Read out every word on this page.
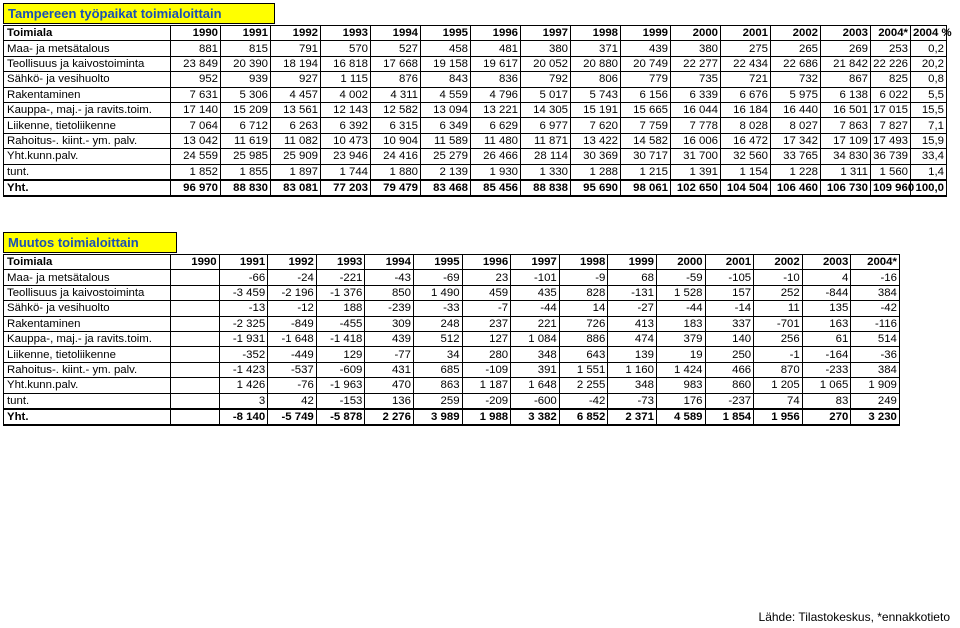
Tampereen työpaikat toimialoittain
Toimiala	1990	1991	1992	1993	1994	1995	1996	1997	1998	1999	2000	2001	2002	2003	2004*	2004 %
Maa- ja metsätalous	881	815	791	570	527	458	481	380	371	439	380	275	265	269	253	0,2
Teollisuus ja kaivostoiminta	23 849	20 390	18 194	16 818	17 668	19 158	19 617	20 052	20 880	20 749	22 277	22 434	22 686	21 842	22 226	20,2
Sähkö- ja vesihuolto	952	939	927	1 115	876	843	836	792	806	779	735	721	732	867	825	0,8
Rakentaminen	7 631	5 306	4 457	4 002	4 311	4 559	4 796	5 017	5 743	6 156	6 339	6 676	5 975	6 138	6 022	5,5
Kauppa-, maj.- ja ravits.toim.	17 140	15 209	13 561	12 143	12 582	13 094	13 221	14 305	15 191	15 665	16 044	16 184	16 440	16 501	17 015	15,5
Liikenne, tietoliikenne	7 064	6 712	6 263	6 392	6 315	6 349	6 629	6 977	7 620	7 759	7 778	8 028	8 027	7 863	7 827	7,1
Rahoitus-. kiint.- ym. palv.	13 042	11 619	11 082	10 473	10 904	11 589	11 480	11 871	13 422	14 582	16 006	16 472	17 342	17 109	17 493	15,9
Yht.kunn.palv.	24 559	25 985	25 909	23 946	24 416	25 279	26 466	28 114	30 369	30 717	31 700	32 560	33 765	34 830	36 739	33,4
tunt.	1 852	1 855	1 897	1 744	1 880	2 139	1 930	1 330	1 288	1 215	1 391	1 154	1 228	1 311	1 560	1,4
Yht.	96 970	88 830	83 081	77 203	79 479	83 468	85 456	88 838	95 690	98 061	102 650	104 504	106 460	106 730	109 960	100,0
Muutos toimialoittain
Toimiala	1990	1991	1992	1993	1994	1995	1996	1997	1998	1999	2000	2001	2002	2003	2004*
Maa- ja metsätalous		-66	-24	-221	-43	-69	23	-101	-9	68	-59	-105	-10	4	-16
Teollisuus ja kaivostoiminta		-3 459	-2 196	-1 376	850	1 490	459	435	828	-131	1 528	157	252	-844	384
Sähkö- ja vesihuolto		-13	-12	188	-239	-33	-7	-44	14	-27	-44	-14	11	135	-42
Rakentaminen		-2 325	-849	-455	309	248	237	221	726	413	183	337	-701	163	-116
Kauppa-, maj.- ja ravits.toim.		-1 931	-1 648	-1 418	439	512	127	1 084	886	474	379	140	256	61	514
Liikenne, tietoliikenne		-352	-449	129	-77	34	280	348	643	139	19	250	-1	-164	-36
Rahoitus-. kiint.- ym. palv.		-1 423	-537	-609	431	685	-109	391	1 551	1 160	1 424	466	870	-233	384
Yht.kunn.palv.		1 426	-76	-1 963	470	863	1 187	1 648	2 255	348	983	860	1 205	1 065	1 909
tunt.		3	42	-153	136	259	-209	-600	-42	-73	176	-237	74	83	249
Yht.		-8 140	-5 749	-5 878	2 276	3 989	1 988	3 382	6 852	2 371	4 589	1 854	1 956	270	3 230
Lähde: Tilastokeskus, *ennakkotieto
